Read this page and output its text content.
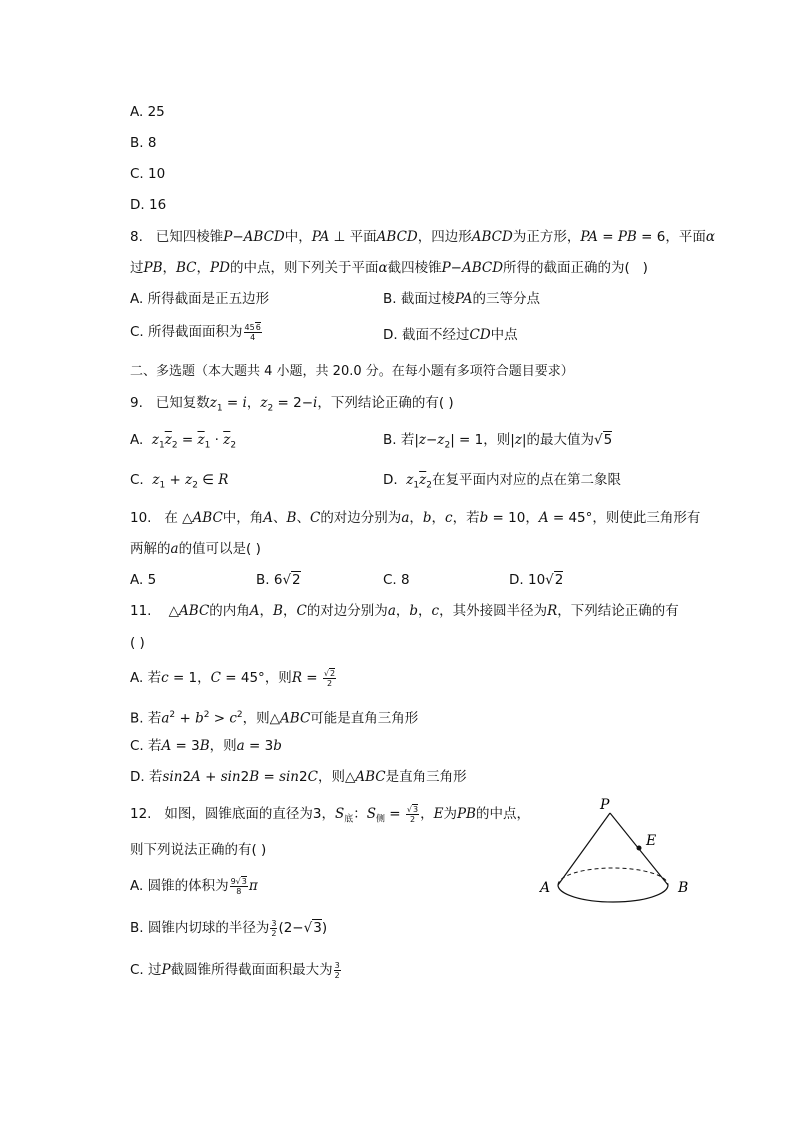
A. 25
B. 8
C. 10
D. 16
8.   已知四棱锥P−ABCD中，PA ⊥ 平面ABCD，四边形ABCD为正方形，PA = PB = 6，平面α
过PB，BC，PD的中点，则下列关于平面α截四棱锥P−ABCD所得的截面正确的为(   )
A. 所得截面是正五边形	B. 截面过棱PA的三等分点
C. 所得截面面积为 $\frac{456}{4}$	D. 截面不经过CD中点
二、多选题（本大题共 4 小题，共 20.0 分。在每小题有多项符合题目要求）
9. 已知复数$z_1 = i$，$z_2 = 2-i$，下列结论正确的有( )
A.  $z_1\overline{z}_2 = \overline{z}_1 \cdot \overline{z}_2$	B. 若$|z-z_2| = 1$，则|z|的最大值为√5
C.  $z_1 + z_2$ ∈ R	D.  $z_1\overline{z}_2$在复平面内对应的点在第二象限
10. 在 △ABC中，角A、B、C的对边分别为a，b，c，若b = 10，A = 45°，则使此三角形有
两解的a的值可以是( )
A. 5	B. 6√2	C. 8	D. 10√2
11.    △ABC的内角A，B，C的对边分别为a，b，c，其外接圆半径为R，下列结论正确的有
( )
A. 若c = 1，C = 45°，则$R = \frac{√2}{2}$
B. 若$a^2 + b^2 > c^2$，则△ABC可能是直角三角形
C. 若A = 3B，则a = 3b
D. 若sin2A + sin2B = sin2C，则△ABC是直角三角形
12. 如图，圆锥底面的直径为3，$S_底$：$S_侧 = \frac{√3}{2}$ ，E为PB的中点，
则下列说法正确的有( )
A. 圆锥的体积为 $\frac{9√3}{8}$ π
B. 圆锥内切球的半径为 $\frac{3}{2} (2-√3)$
C. 过P截圆锥所得截面面积最大为 $\frac{3}{2}$
P
E
A	B
